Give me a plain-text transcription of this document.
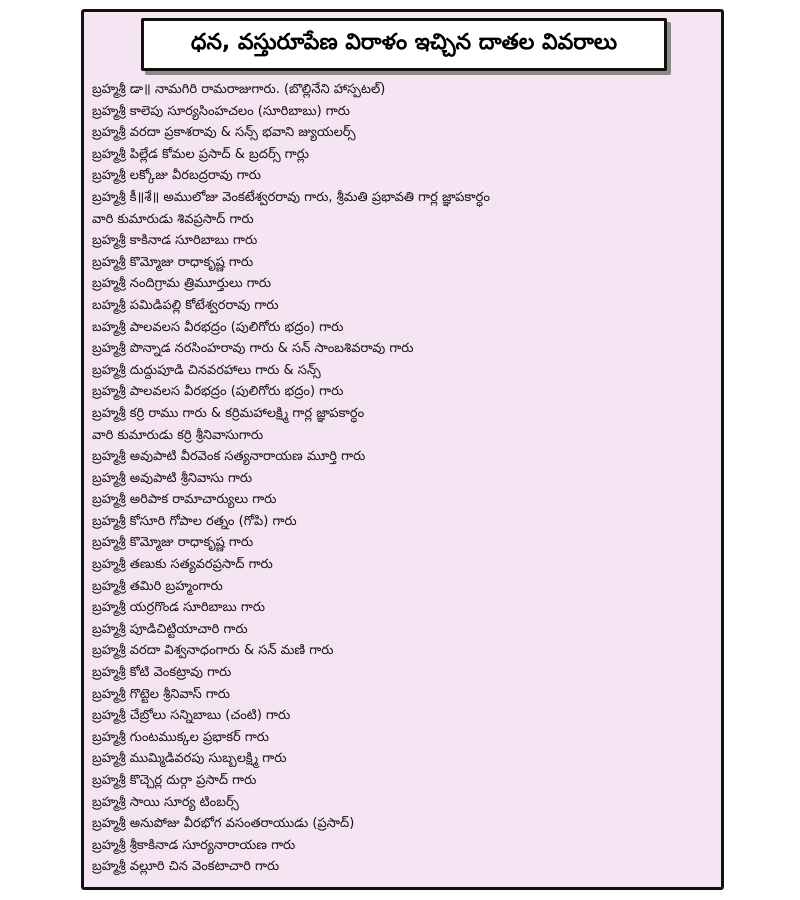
ధన, వస్తురూపేణ విరాళం ఇచ్చిన దాతల వివరాలు
బ్రహ్మశ్రీ డా॥ నామగిరి రామరాజుగారు. (బొల్లినేని హాస్పటల్)
బ్రహ్మశ్రీ కాలెపు సూర్యసింహచలం (సూరిబాబు) గారు
బ్రహ్మశ్రీ వరదా ప్రకాశరావు & సన్స్ భవాని జ్యుయలర్స్
బ్రహ్మశ్రీ పిల్లేడ కోమల ప్రసాద్ & బ్రదర్స్ గార్లు
బ్రహ్మశ్రీ లక్కోజు వీరబద్రరావు గారు
బ్రహ్మశ్రీ కీ॥శే॥ అములోజు వెంకటేశ్వరరావు గారు, శ్రీమతి ప్రభావతి గార్ల జ్ఞాపకార్ధం
వారి కుమారుడు శివప్రసాద్ గారు
బ్రహ్మశ్రీ కాకినాడ సూరిబాబు గారు
బ్రహ్మశ్రీ కొమ్మోజు రాధాకృష్ణ గారు
బ్రహ్మశ్రీ నందిగ్రామ త్రిమూర్తులు గారు
బహ్మశ్రీ పమిడిపల్లి కోటేశ్వరరావు గారు
బహ్మశ్రీ పాలవలస వీరభద్రం (పులిగోరు భద్రం) గారు
బ్రహ్మశ్రీ పొన్నాడ నరసింహరావు గారు & సన్ సాంబశివరావు గారు
బ్రహ్మశ్రీ దుద్దుపూడి చినవరహాలు గారు & సన్స్
బ్రహ్మశ్రీ పాలవలస వీరభద్రం (పులిగోరు భద్రం) గారు
బ్రహ్మశ్రీ కర్రి రాము గారు & కర్రిమహాలక్ష్మి గార్ల జ్ఞాపకార్ధం
వారి కుమారుడు కర్రి శ్రీనివాసుగారు
బ్రహ్మశ్రీ అవుపాటి వీరవెంక సత్యనారాయణ మూర్తి గారు
బ్రహ్మశ్రీ అవుపాటి శ్రీనివాసు గారు
బ్రహ్మశ్రీ అరిపాక రామాచార్యులు గారు
బ్రహ్మశ్రీ కోసూరి గోపాల రత్నం (గోపి) గారు
బ్రహ్మశ్రీ కొమ్మోజు రాధాకృష్ణ గారు
బ్రహ్మశ్రీ తణుకు సత్యవరప్రసాద్ గారు
బ్రహ్మశ్రీ తమిరి బ్రహ్మంగారు
బ్రహ్మశ్రీ యర్రగొండ సూరిబాబు గారు
బ్రహ్మశ్రీ పూడిచిట్టియాచారి గారు
బ్రహ్మశ్రీ వరదా విశ్వనాధంగారు & సన్ మణి గారు
బ్రహ్మశ్రీ కోటి వెంకట్రావు గారు
బ్రహ్మశ్రీ గొట్టెల శ్రీనివాస్ గారు
బ్రహ్మశ్రీ చేబ్రోలు సన్నిబాబు (చంటి) గారు
బ్రహ్మశ్రీ గుంటముక్కల ప్రభాకర్ గారు
బ్రహ్మశ్రీ ముమ్మిడివరపు సుబ్బలక్ష్మి గారు
బ్రహ్మశ్రీ కొచ్చెర్ల దుర్గా ప్రసాద్ గారు
బ్రహ్మశ్రీ సాయి సూర్య టింబర్స్
బ్రహ్మశ్రీ అనుపోజు వీరభోగ వసంతరాయుడు (ప్రసాద్)
బ్రహ్మశ్రీ శ్రీకాకినాడ సూర్యనారాయణ గారు
బ్రహ్మశ్రీ వల్లూరి చిన వెంకటాచారి గారు
